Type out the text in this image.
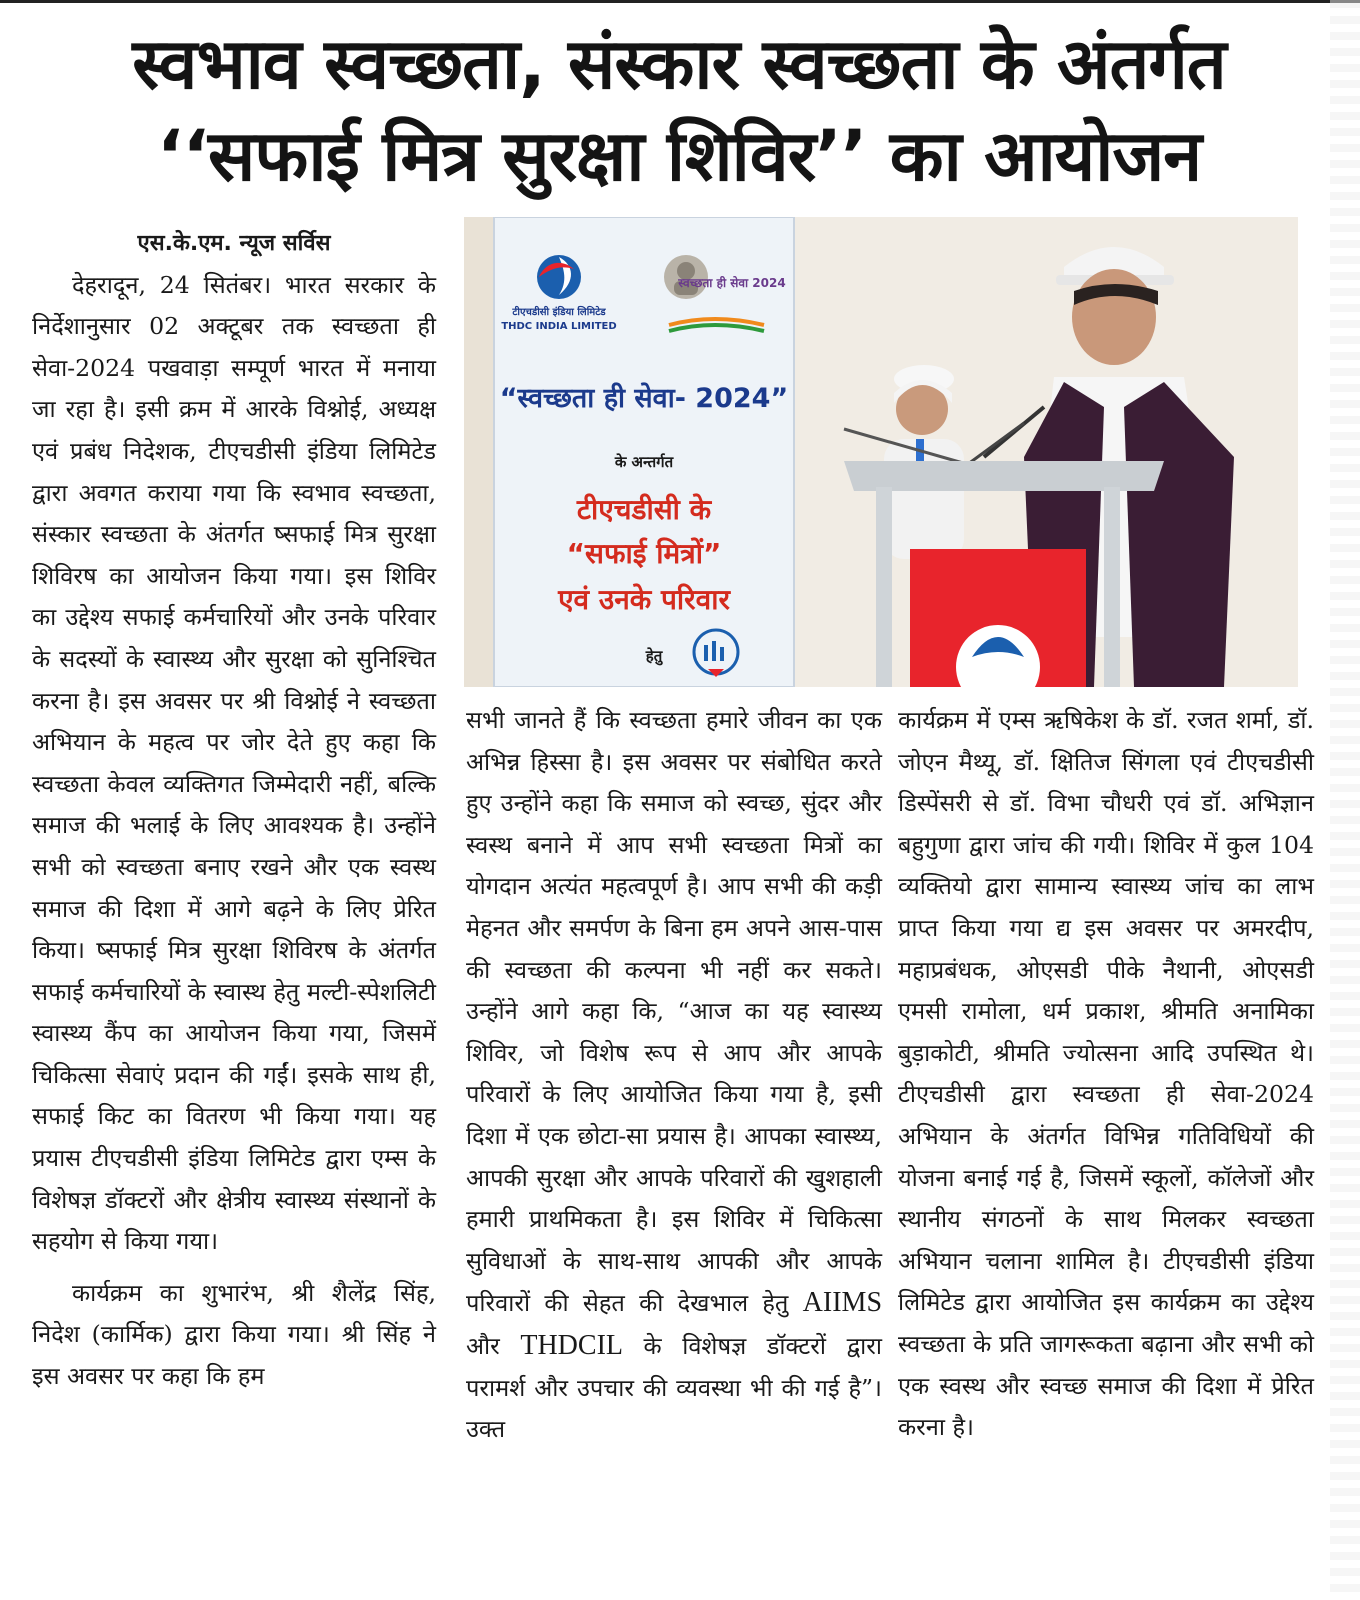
स्वभाव स्वच्छता, संस्कार स्वच्छता के अंतर्गत
‘‘सफाई मित्र सुरक्षा शिविर’’ का आयोजन
एस.के.एम. न्यूज सर्विस

देहरादून, 24 सितंबर। भारत सरकार के निर्देशानुसार 02 अक्टूबर तक स्वच्छता ही सेवा-2024 पखवाड़ा सम्पूर्ण भारत में मनाया जा रहा है। इसी क्रम में आरके विश्नोई, अध्यक्ष एवं प्रबंध निदेशक, टीएचडीसी इंडिया लिमिटेड द्वारा अवगत कराया गया कि स्वभाव स्वच्छता, संस्कार स्वच्छता के अंतर्गत ष्सफाई मित्र सुरक्षा शिविरष का आयोजन किया गया। इस शिविर का उद्देश्य सफाई कर्मचारियों और उनके परिवार के सदस्यों के स्वास्थ्य और सुरक्षा को सुनिश्चित करना है। इस अवसर पर श्री विश्नोई ने स्वच्छता अभियान के महत्व पर जोर देते हुए कहा कि स्वच्छता केवल व्यक्तिगत जिम्मेदारी नहीं, बल्कि समाज की भलाई के लिए आवश्यक है। उन्होंने सभी को स्वच्छता बनाए रखने और एक स्वस्थ समाज की दिशा में आगे बढ़ने के लिए प्रेरित किया। ष्सफाई मित्र सुरक्षा शिविरष के अंतर्गत सफाई कर्मचारियों के स्वास्थ हेतु मल्टी-स्पेशलिटी स्वास्थ्य कैंप का आयोजन किया गया, जिसमें चिकित्सा सेवाएं प्रदान की गईं। इसके साथ ही, सफाई किट का वितरण भी किया गया। यह प्रयास टीएचडीसी इंडिया लिमिटेड द्वारा एम्स के विशेषज्ञ डॉक्टरों और क्षेत्रीय स्वास्थ्य संस्थानों के सहयोग से किया गया।

कार्यक्रम का शुभारंभ, श्री शैलेंद्र सिंह, निदेश (कार्मिक) द्वारा किया गया। श्री सिंह ने इस अवसर पर कहा कि हम

टीएचडीसी इंडिया लिमिटेड
THDC INDIA LIMITED
स्वच्छता ही सेवा 2024
“स्वच्छता ही सेवा- 2024”
के अन्तर्गत
टीएचडीसी के
“सफाई मित्रों”
एवं उनके परिवार
हेतु

सभी जानते हैं कि स्वच्छता हमारे जीवन का एक अभिन्न हिस्सा है। इस अवसर पर संबोधित करते हुए उन्होंने कहा कि समाज को स्वच्छ, सुंदर और स्वस्थ बनाने में आप सभी स्वच्छता मित्रों का योगदान अत्यंत महत्वपूर्ण है। आप सभी की कड़ी मेहनत और समर्पण के बिना हम अपने आस-पास की स्वच्छता की कल्पना भी नहीं कर सकते। उन्होंने आगे कहा कि, “आज का यह स्वास्थ्य शिविर, जो विशेष रूप से आप और आपके परिवारों के लिए आयोजित किया गया है, इसी दिशा में एक छोटा-सा प्रयास है। आपका स्वास्थ्य, आपकी सुरक्षा और आपके परिवारों की खुशहाली हमारी प्राथमिकता है। इस शिविर में चिकित्सा सुविधाओं के साथ-साथ आपकी और आपके परिवारों की सेहत की देखभाल हेतु AIIMS और THDCIL के विशेषज्ञ डॉक्टरों द्वारा परामर्श और उपचार की व्यवस्था भी की गई है”। उक्त

कार्यक्रम में एम्स ऋषिकेश के डॉ. रजत शर्मा, डॉ. जोएन मैथ्यू, डॉ. क्षितिज सिंगला एवं टीएचडीसी डिस्पेंसरी से डॉ. विभा चौधरी एवं डॉ. अभिज्ञान बहुगुणा द्वारा जांच की गयी। शिविर में कुल 104 व्यक्तियो द्वारा सामान्य स्वास्थ्य जांच का लाभ प्राप्त किया गया द्य इस अवसर पर अमरदीप, महाप्रबंधक, ओएसडी पीके नैथानी, ओएसडी एमसी रामोला, धर्म प्रकाश, श्रीमति अनामिका बुड़ाकोटी, श्रीमति ज्योत्सना आदि उपस्थित थे। टीएचडीसी द्वारा स्वच्छता ही सेवा-2024 अभियान के अंतर्गत विभिन्न गतिविधियों की योजना बनाई गई है, जिसमें स्कूलों, कॉलेजों और स्थानीय संगठनों के साथ मिलकर स्वच्छता अभियान चलाना शामिल है। टीएचडीसी इंडिया लिमिटेड द्वारा आयोजित इस कार्यक्रम का उद्देश्य स्वच्छता के प्रति जागरूकता बढ़ाना और सभी को एक स्वस्थ और स्वच्छ समाज की दिशा में प्रेरित करना है।
